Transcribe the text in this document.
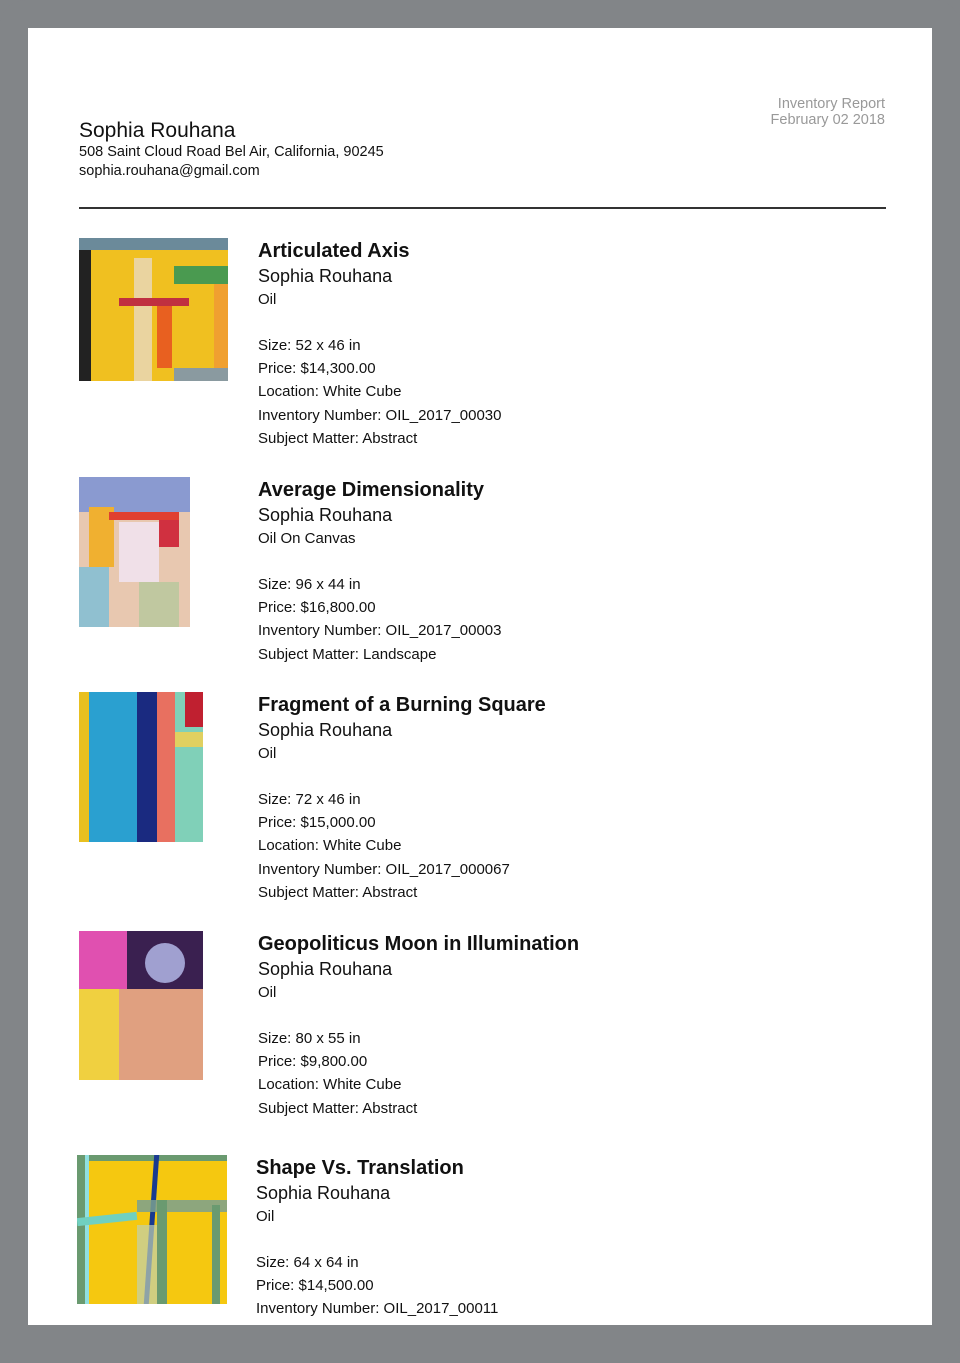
Sophia Rouhana
508 Saint Cloud Road Bel Air, California, 90245
sophia.rouhana@gmail.com
Inventory Report
February 02 2018
Articulated Axis
Sophia Rouhana
Oil
Size: 52 x 46 in
Price: $14,300.00
Location: White Cube
Inventory Number: OIL_2017_00030
Subject Matter: Abstract
Average Dimensionality
Sophia Rouhana
Oil On Canvas
Size: 96 x 44 in
Price: $16,800.00
Inventory Number: OIL_2017_00003
Subject Matter: Landscape
Fragment of a Burning Square
Sophia Rouhana
Oil
Size: 72 x 46 in
Price: $15,000.00
Location: White Cube
Inventory Number: OIL_2017_000067
Subject Matter: Abstract
Geopoliticus Moon in Illumination
Sophia Rouhana
Oil
Size: 80 x 55 in
Price: $9,800.00
Location: White Cube
Subject Matter: Abstract
Shape Vs. Translation
Sophia Rouhana
Oil
Size: 64 x 64 in
Price: $14,500.00
Inventory Number: OIL_2017_00011
